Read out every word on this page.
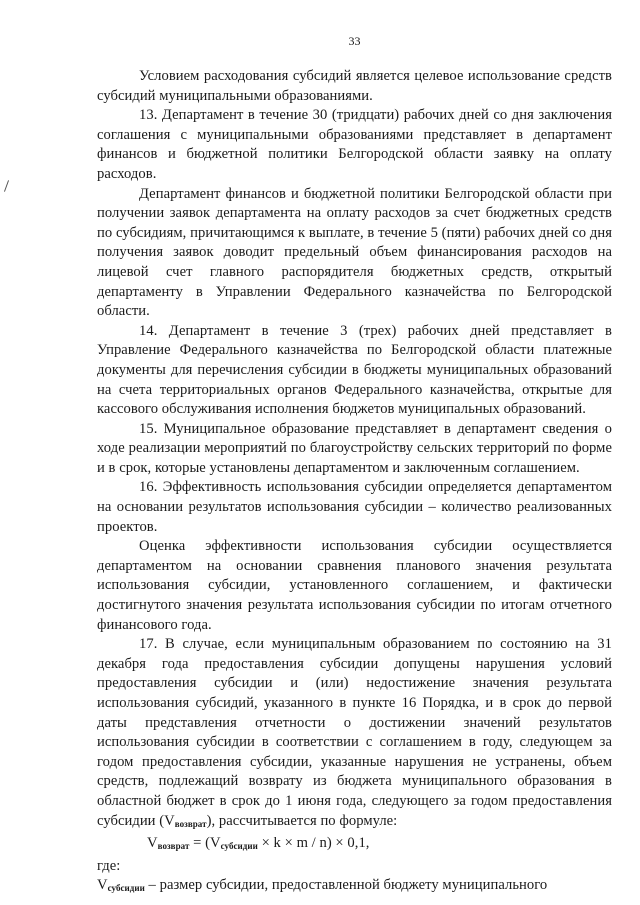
33

Условием расходования субсидий является целевое использование средств субсидий муниципальными образованиями.

13. Департамент в течение 30 (тридцати) рабочих дней со дня заключения соглашения с муниципальными образованиями представляет в департамент финансов и бюджетной политики Белгородской области заявку на оплату расходов.

Департамент финансов и бюджетной политики Белгородской области при получении заявок департамента на оплату расходов за счет бюджетных средств по субсидиям, причитающимся к выплате, в течение 5 (пяти) рабочих дней со дня получения заявок доводит предельный объем финансирования расходов на лицевой счет главного распорядителя бюджетных средств, открытый департаменту в Управлении Федерального казначейства по Белгородской области.

14. Департамент в течение 3 (трех) рабочих дней представляет в Управление Федерального казначейства по Белгородской области платежные документы для перечисления субсидии в бюджеты муниципальных образований на счета территориальных органов Федерального казначейства, открытые для кассового обслуживания исполнения бюджетов муниципальных образований.

15. Муниципальное образование представляет в департамент сведения о ходе реализации мероприятий по благоустройству сельских территорий по форме и в срок, которые установлены департаментом и заключенным соглашением.

16. Эффективность использования субсидии определяется департаментом на основании результатов использования субсидии – количество реализованных проектов.

Оценка эффективности использования субсидии осуществляется департаментом на основании сравнения планового значения результата использования субсидии, установленного соглашением, и фактически достигнутого значения результата использования субсидии по итогам отчетного финансового года.

17. В случае, если муниципальным образованием по состоянию на 31 декабря года предоставления субсидии допущены нарушения условий предоставления субсидии и (или) недостижение значения результата использования субсидий, указанного в пункте 16 Порядка, и в срок до первой даты представления отчетности о достижении значений результатов использования субсидии в соответствии с соглашением в году, следующем за годом предоставления субсидии, указанные нарушения не устранены, объем средств, подлежащий возврату из бюджета муниципального образования в областной бюджет в срок до 1 июня года, следующего за годом предоставления субсидии $(V_{возврат})$, рассчитывается по формуле:

$V_{возврат} = (V_{субсидии} \times k \times m / n) \times 0,1$,

где:

$V_{субсидии}$ – размер субсидии, предоставленной бюджету муниципального
